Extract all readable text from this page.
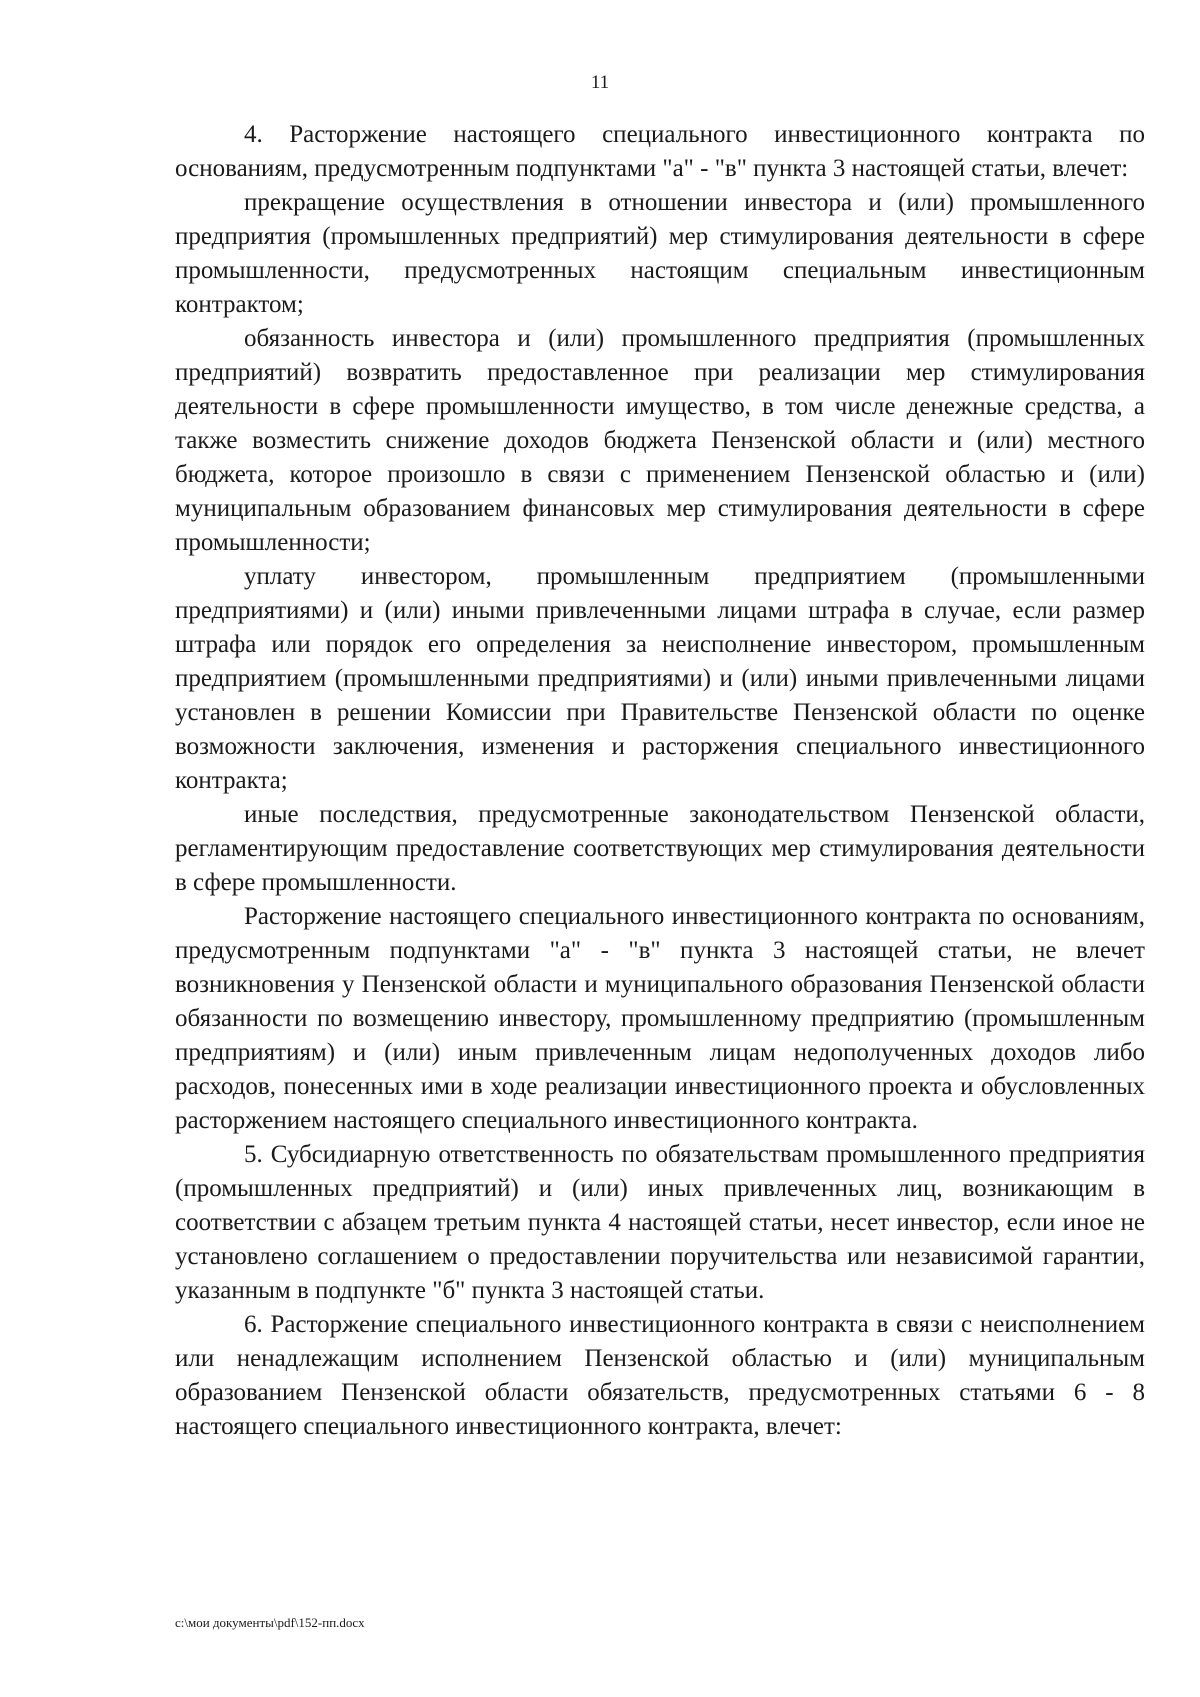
11

4. Расторжение настоящего специального инвестиционного контракта по основаниям, предусмотренным подпунктами "а" - "в" пункта 3 настоящей статьи, влечет:

прекращение осуществления в отношении инвестора и (или) промышленного предприятия (промышленных предприятий) мер стимулирования деятельности в сфере промышленности, предусмотренных настоящим специальным инвестиционным контрактом;

обязанность инвестора и (или) промышленного предприятия (промышленных предприятий) возвратить предоставленное при реализации мер стимулирования деятельности в сфере промышленности имущество, в том числе денежные средства, а также возместить снижение доходов бюджета Пензенской области и (или) местного бюджета, которое произошло в связи с применением Пензенской областью и (или) муниципальным образованием финансовых мер стимулирования деятельности в сфере промышленности;

уплату инвестором, промышленным предприятием (промышленными предприятиями) и (или) иными привлеченными лицами штрафа в случае, если размер штрафа или порядок его определения за неисполнение инвестором, промышленным предприятием (промышленными предприятиями) и (или) иными привлеченными лицами установлен в решении Комиссии при Правительстве Пензенской области по оценке возможности заключения, изменения и расторжения специального инвестиционного контракта;

иные последствия, предусмотренные законодательством Пензенской области, регламентирующим предоставление соответствующих мер стимулирования деятельности в сфере промышленности.

Расторжение настоящего специального инвестиционного контракта по основаниям, предусмотренным подпунктами "а" - "в" пункта 3 настоящей статьи, не влечет возникновения у Пензенской области и муниципального образования Пензенской области обязанности по возмещению инвестору, промышленному предприятию (промышленным предприятиям) и (или) иным привлеченным лицам недополученных доходов либо расходов, понесенных ими в ходе реализации инвестиционного проекта и обусловленных расторжением настоящего специального инвестиционного контракта.

5. Субсидиарную ответственность по обязательствам промышленного предприятия (промышленных предприятий) и (или) иных привлеченных лиц, возникающим в соответствии с абзацем третьим пункта 4 настоящей статьи, несет инвестор, если иное не установлено соглашением о предоставлении поручительства или независимой гарантии, указанным в подпункте "б" пункта 3 настоящей статьи.

6. Расторжение специального инвестиционного контракта в связи с неисполнением или ненадлежащим исполнением Пензенской областью и (или) муниципальным образованием Пензенской области обязательств, предусмотренных статьями 6 - 8 настоящего специального инвестиционного контракта, влечет:

c:\мои документы\pdf\152-пп.docx
